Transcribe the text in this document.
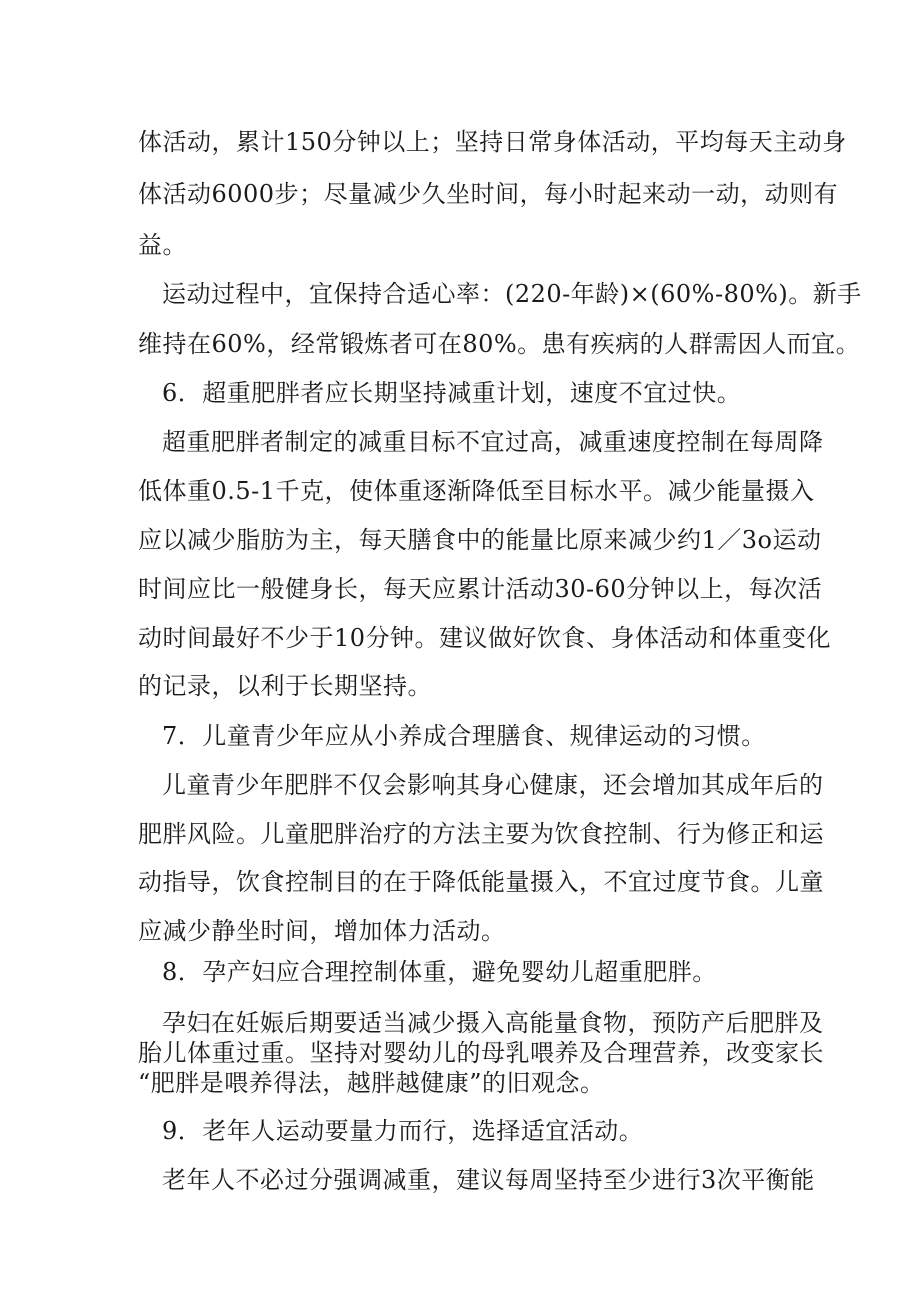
体活动，累计150分钟以上；坚持日常身体活动，平均每天主动身
体活动6000步；尽量减少久坐时间，每小时起来动一动，动则有
益。
运动过程中，宜保持合适心率：(220-年龄)×(60%-80%)。新手
维持在60%，经常锻炼者可在80%。患有疾病的人群需因人而宜。
6．超重肥胖者应长期坚持减重计划，速度不宜过快。
超重肥胖者制定的减重目标不宜过高，减重速度控制在每周降
低体重0.5-1千克，使体重逐渐降低至目标水平。减少能量摄入
应以减少脂肪为主，每天膳食中的能量比原来减少约1／3o运动
时间应比一般健身长，每天应累计活动30-60分钟以上，每次活
动时间最好不少于10分钟。建议做好饮食、身体活动和体重变化
的记录，以利于长期坚持。
7．儿童青少年应从小养成合理膳食、规律运动的习惯。
儿童青少年肥胖不仅会影响其身心健康，还会增加其成年后的
肥胖风险。儿童肥胖治疗的方法主要为饮食控制、行为修正和运
动指导，饮食控制目的在于降低能量摄入，不宜过度节食。儿童
应减少静坐时间，增加体力活动。
8．孕产妇应合理控制体重，避免婴幼儿超重肥胖。
孕妇在妊娠后期要适当减少摄入高能量食物，预防产后肥胖及
胎儿体重过重。坚持对婴幼儿的母乳喂养及合理营养，改变家长
“肥胖是喂养得法，越胖越健康”的旧观念。
9．老年人运动要量力而行，选择适宜活动。
老年人不必过分强调减重，建议每周坚持至少进行3次平衡能
